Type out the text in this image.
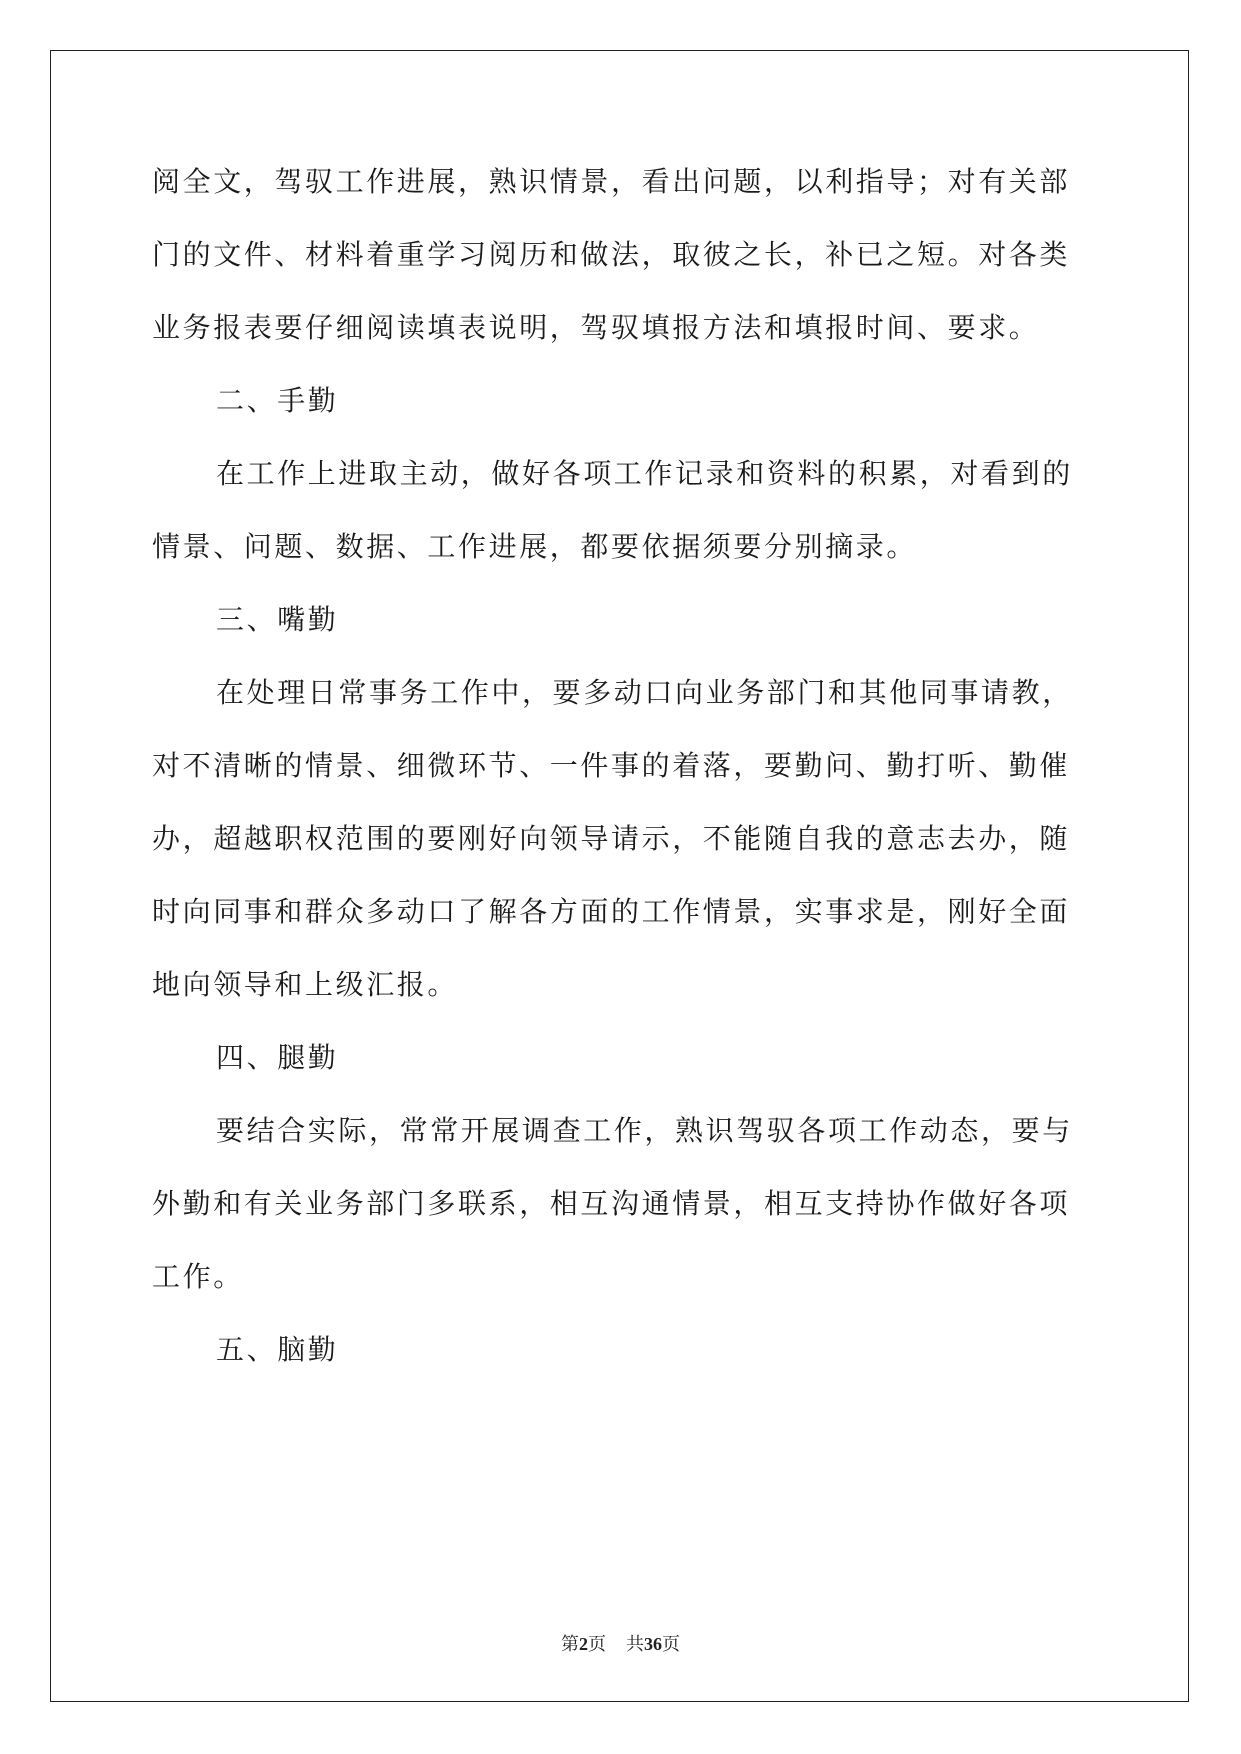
阅全文，驾驭工作进展，熟识情景，看出问题，以利指导；对有关部
门的文件、材料着重学习阅历和做法，取彼之长，补已之短。对各类
业务报表要仔细阅读填表说明，驾驭填报方法和填报时间、要求。
二、手勤
在工作上进取主动，做好各项工作记录和资料的积累，对看到的
情景、问题、数据、工作进展，都要依据须要分别摘录。
三、嘴勤
在处理日常事务工作中，要多动口向业务部门和其他同事请教，
对不清晰的情景、细微环节、一件事的着落，要勤问、勤打听、勤催
办，超越职权范围的要刚好向领导请示，不能随自我的意志去办，随
时向同事和群众多动口了解各方面的工作情景，实事求是，刚好全面
地向领导和上级汇报。
四、腿勤
要结合实际，常常开展调查工作，熟识驾驭各项工作动态，要与
外勤和有关业务部门多联系，相互沟通情景，相互支持协作做好各项
工作。
五、脑勤
第2页 共36页
